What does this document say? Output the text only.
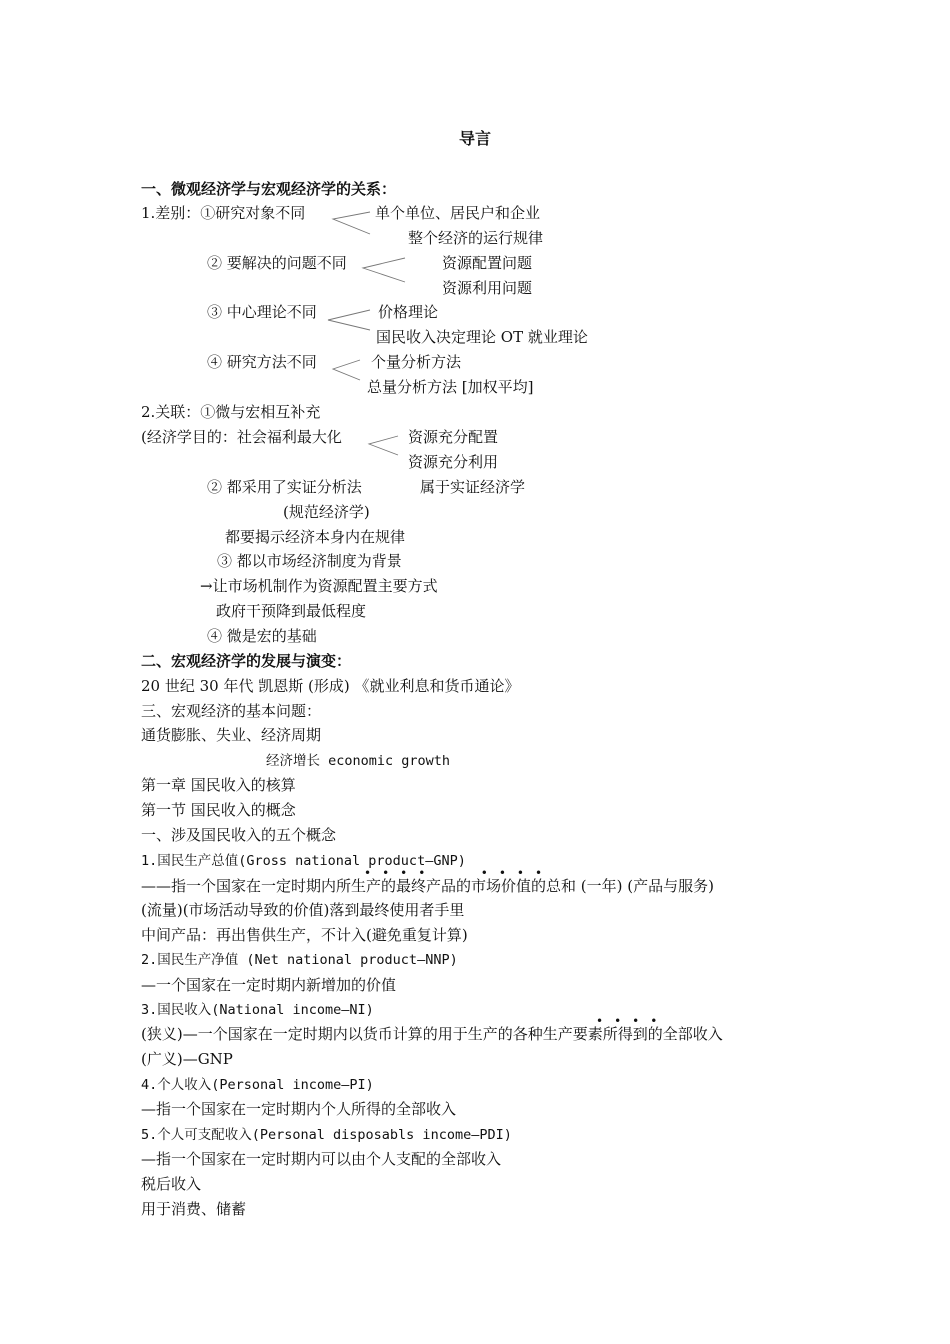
导言
一、微观经济学与宏观经济学的关系：
1.差别：①研究对象不同	单个单位、居民户和企业
整个经济的运行规律
② 要解决的问题不同	资源配置问题
资源利用问题
③ 中心理论不同	价格理论
国民收入决定理论 OT 就业理论
④ 研究方法不同	个量分析方法
总量分析方法 [加权平均]
2.关联：①微与宏相互补充
(经济学目的：社会福利最大化	资源充分配置
资源充分利用
② 都采用了实证分析法	属于实证经济学
(规范经济学)
都要揭示经济本身内在规律
③ 都以市场经济制度为背景
→让市场机制作为资源配置主要方式
政府干预降到最低程度
④ 微是宏的基础
二、宏观经济学的发展与演变：
20 世纪 30 年代 凯恩斯 (形成) 《就业利息和货币通论》
三、宏观经济的基本问题：
通货膨胀、失业、经济周期
经济增长 economic growth
第一章 国民收入的核算
第一节 国民收入的概念
一、涉及国民收入的五个概念
1.国民生产总值(Gross national product—GNP)
••••   ••••
——指一个国家在一定时期内所生产的最终产品的市场价值的总和 (一年) (产品与服务)
(流量)(市场活动导致的价值)落到最终使用者手里
中间产品：再出售供生产，不计入(避免重复计算)
2.国民生产净值 (Net national product—NNP)
—一个国家在一定时期内新增加的价值
3.国民收入(National income—NI)
••••
(狭义)—一个国家在一定时期内以货币计算的用于生产的各种生产要素所得到的全部收入
(广义)—GNP
4.个人收入(Personal income—PI)
—指一个国家在一定时期内个人所得的全部收入
5.个人可支配收入(Personal disposabls income—PDI)
—指一个国家在一定时期内可以由个人支配的全部收入
税后收入
用于消费、储蓄
